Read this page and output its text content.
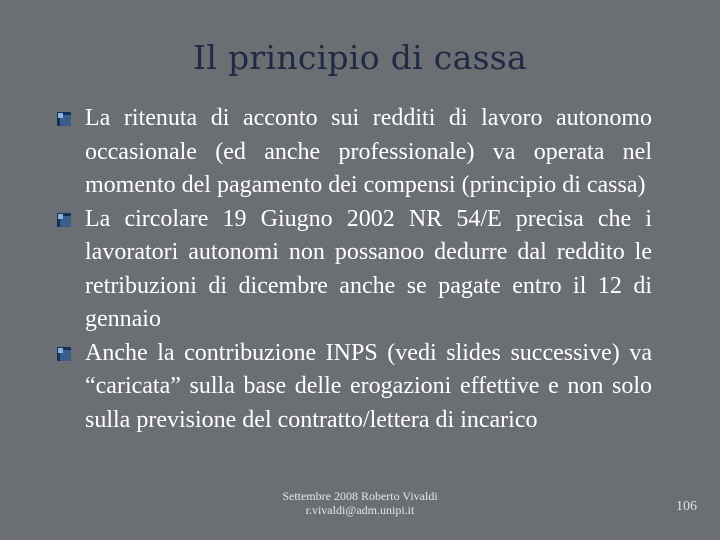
Il principio di cassa
La ritenuta di acconto sui redditi di lavoro autonomo occasionale (ed anche professionale) va operata nel momento del pagamento dei compensi (principio di cassa)
La circolare 19 Giugno 2002 NR 54/E precisa che i lavoratori autonomi non possanoo dedurre dal reddito le retribuzioni di dicembre anche se pagate entro il 12 di gennaio
Anche la contribuzione INPS (vedi slides successive) va “caricata” sulla base delle erogazioni effettive e non solo sulla previsione del contratto/lettera di incarico
Settembre 2008 Roberto Vivaldi
r.vivaldi@adm.unipi.it	106
